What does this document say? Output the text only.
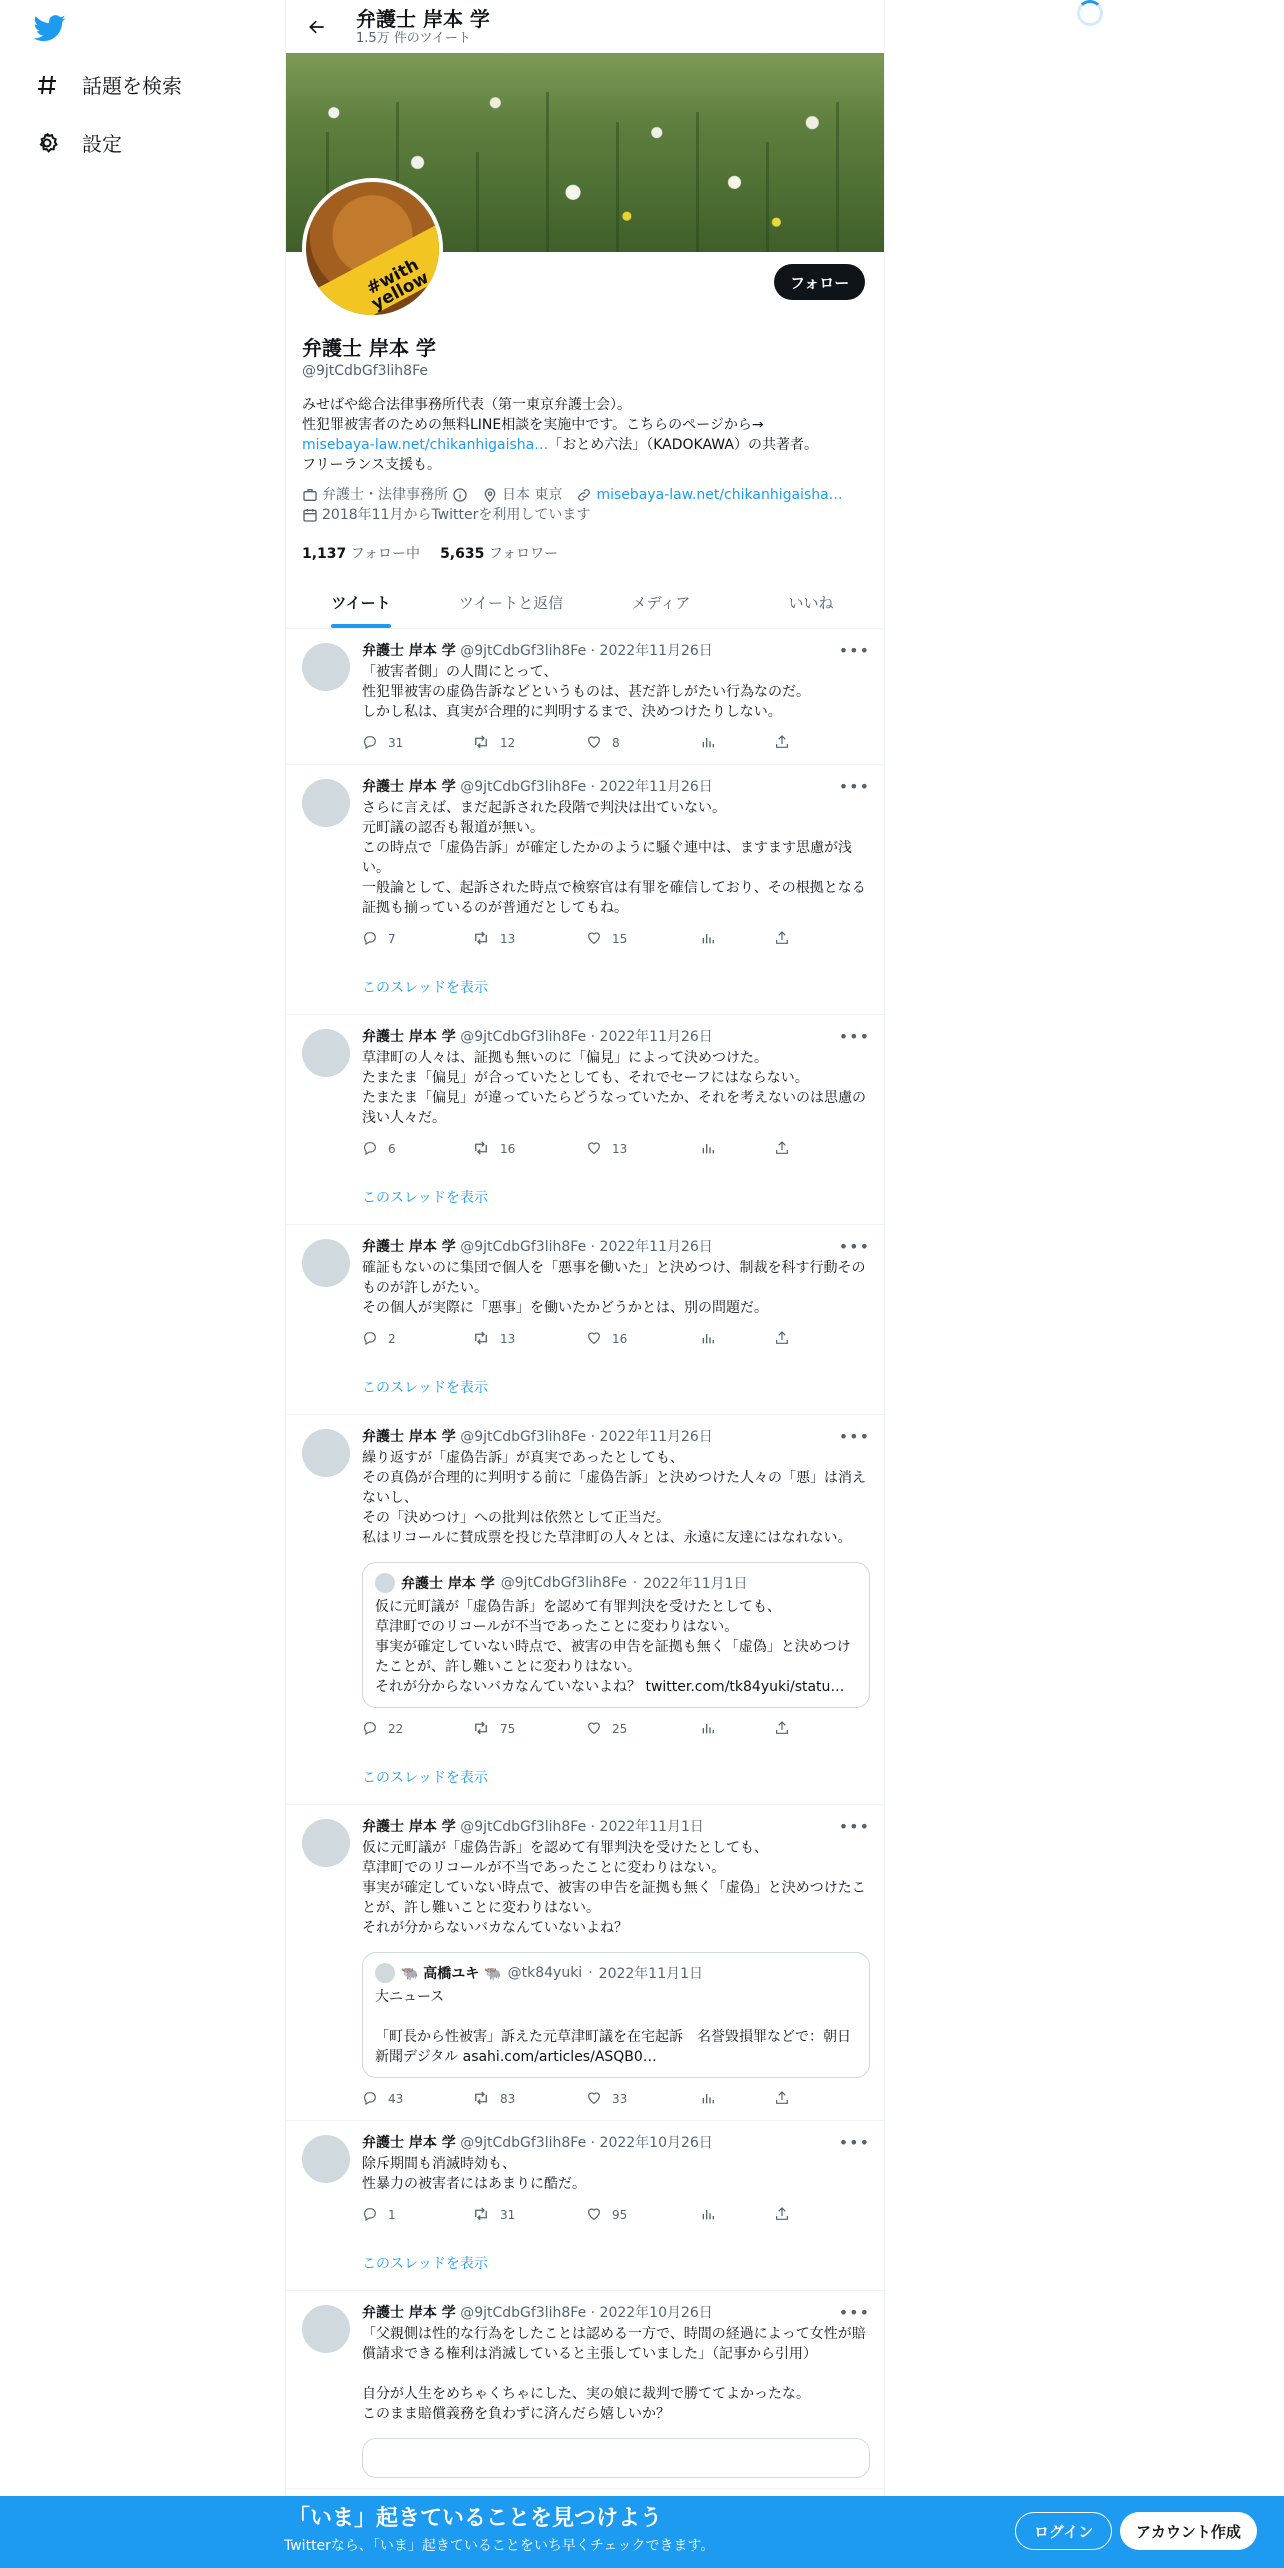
話題を検索
設定
弁護士 岸本 学
1.5万 件のツイート
#with yellow	フォロー
弁護士 岸本 学
@9jtCdbGf3lih8Fe
みせばや総合法律事務所代表（第一東京弁護士会）。
性犯罪被害者のための無料LINE相談を実施中です。こちらのページから→
misebaya-law.net/chikanhigaisha…「おとめ六法」（KADOKAWA）の共著者。
フリーランス支援も。
弁護士・法律事務所	日本 東京 misebaya-law.net/chikanhigaisha…
2018年11月からTwitterを利用しています
1,137 フォロー中 5,635 フォロワー
ツイート	ツイートと返信	メディア	いいね
弁護士 岸本 学 @9jtCdbGf3lih8Fe · 2022年11月26日	•••
「被害者側」の人間にとって、
性犯罪被害の虚偽告訴などというものは、甚だ許しがたい行為なのだ。
しかし私は、真実が合理的に判明するまで、決めつけたりしない。
31	12	8
弁護士 岸本 学 @9jtCdbGf3lih8Fe · 2022年11月26日	•••
さらに言えば、まだ起訴された段階で判決は出ていない。
元町議の認否も報道が無い。
この時点で「虚偽告訴」が確定したかのように騒ぐ連中は、ますます思慮が浅い。
一般論として、起訴された時点で検察官は有罪を確信しており、その根拠となる証拠も揃っているのが普通だとしてもね。
7	13	15
このスレッドを表示
弁護士 岸本 学 @9jtCdbGf3lih8Fe · 2022年11月26日	•••
草津町の人々は、証拠も無いのに「偏見」によって決めつけた。
たまたま「偏見」が合っていたとしても、それでセーフにはならない。
たまたま「偏見」が違っていたらどうなっていたか、それを考えないのは思慮の浅い人々だ。
6	16	13
このスレッドを表示
弁護士 岸本 学 @9jtCdbGf3lih8Fe · 2022年11月26日	•••
確証もないのに集団で個人を「悪事を働いた」と決めつけ、制裁を科す行動そのものが許しがたい。
その個人が実際に「悪事」を働いたかどうかとは、別の問題だ。
2	13	16
このスレッドを表示
弁護士 岸本 学 @9jtCdbGf3lih8Fe · 2022年11月26日	•••
繰り返すが「虚偽告訴」が真実であったとしても、
その真偽が合理的に判明する前に「虚偽告訴」と決めつけた人々の「悪」は消えないし、
その「決めつけ」への批判は依然として正当だ。
私はリコールに賛成票を投じた草津町の人々とは、永遠に友達にはなれない。
弁護士 岸本 学 @9jtCdbGf3lih8Fe · 2022年11月1日
仮に元町議が「虚偽告訴」を認めて有罪判決を受けたとしても、
草津町でのリコールが不当であったことに変わりはない。
事実が確定していない時点で、被害の申告を証拠も無く「虚偽」と決めつけたことが、許し難いことに変わりはない。
それが分からないバカなんていないよね？ twitter.com/tk84yuki/statu…
22	75	25
このスレッドを表示
弁護士 岸本 学 @9jtCdbGf3lih8Fe · 2022年11月1日	•••
仮に元町議が「虚偽告訴」を認めて有罪判決を受けたとしても、
草津町でのリコールが不当であったことに変わりはない。
事実が確定していない時点で、被害の申告を証拠も無く「虚偽」と決めつけたことが、許し難いことに変わりはない。
それが分からないバカなんていないよね？
🐃 高橋ユキ 🐃 @tk84yuki · 2022年11月1日
大ニュース

「町長から性被害」訴えた元草津町議を在宅起訴　名誉毀損罪などで：朝日新聞デジタル asahi.com/articles/ASQB0…
43	83	33
弁護士 岸本 学 @9jtCdbGf3lih8Fe · 2022年10月26日	•••
除斥期間も消滅時効も、
性暴力の被害者にはあまりに酷だ。
1	31	95
このスレッドを表示
弁護士 岸本 学 @9jtCdbGf3lih8Fe · 2022年10月26日	•••
「父親側は性的な行為をしたことは認める一方で、時間の経過によって女性が賠償請求できる権利は消滅していると主張していました」（記事から引用）

自分が人生をめちゃくちゃにした、実の娘に裁判で勝ててよかったな。
このまま賠償義務を負わずに済んだら嬉しいか？
「いま」起きていることを見つけよう
Twitterなら、「いま」起きていることをいち早くチェックできます。
ログイン	アカウント作成
